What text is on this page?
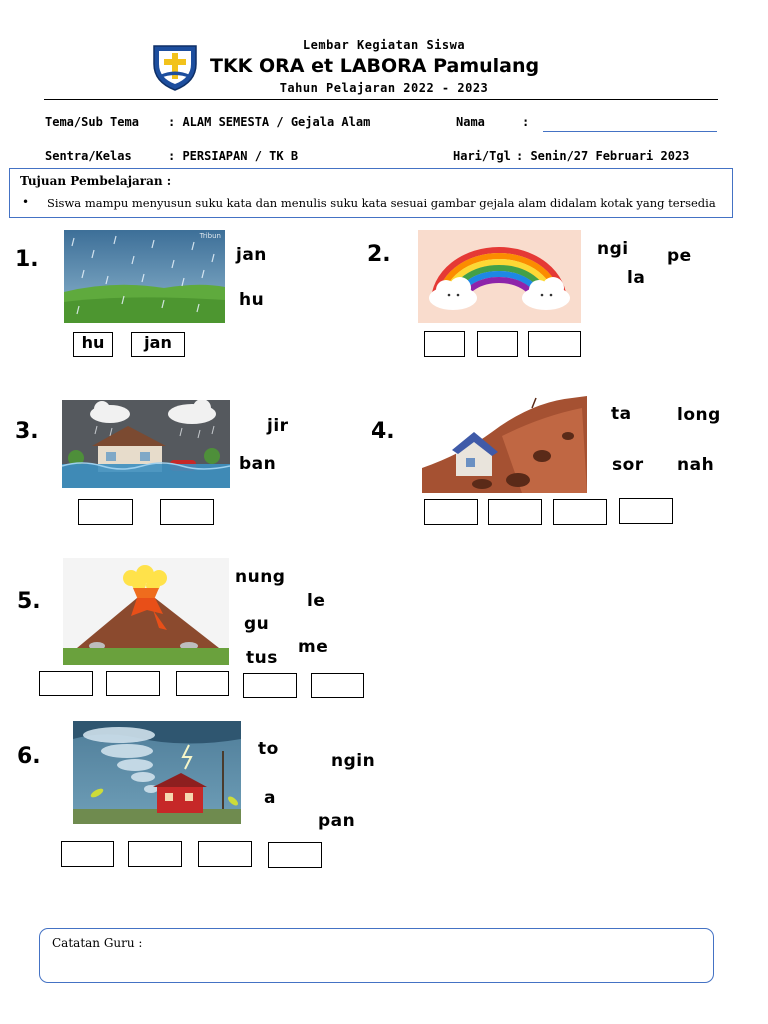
Lembar Kegiatan Siswa
TKK ORA et LABORA Pamulang
Tahun Pelajaran 2022 - 2023
Tema/Sub Tema : ALAM SEMESTA / Gejala Alam	Nama	:
Sentra/Kelas	: PERSIAPAN / TK B	Hari/Tgl : Senin/27 Februari 2023
Tujuan Pembelajaran :
• Siswa mampu menyusun suku kata dan menulis suku kata sesuai gambar gejala alam didalam kotak yang tersedia
1.
Tribun
jan
hu
hu	jan
2.	ngi pe
la
3.	jir
ban
4.
ta	long
sor nah
5.
nung
le
gu
me
tus
6.	to
ngin
a
pan
Catatan Guru :
